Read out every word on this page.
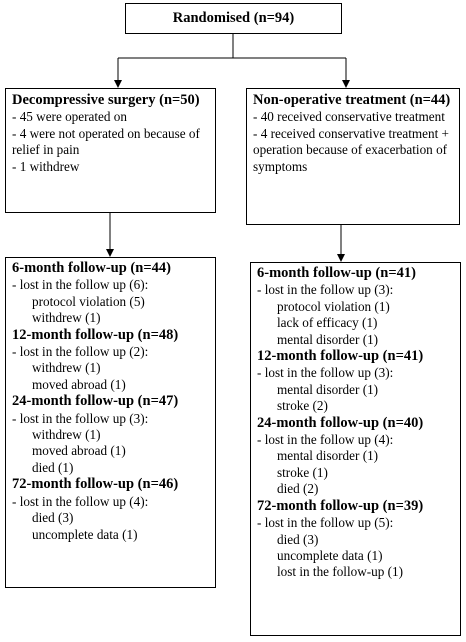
Randomised (n=94)
Decompressive surgery (n=50)
- 45 were operated on
- 4 were not operated on because of relief in pain
- 1 withdrew
Non-operative treatment (n=44)
- 40 received conservative treatment
- 4 received conservative treatment + operation because of exacerbation of symptoms
6-month follow-up (n=44)
- lost in the follow up (6):
protocol violation (5)
withdrew (1)
12-month follow-up (n=48)
- lost in the follow up (2):
withdrew (1)
moved abroad (1)
24-month follow-up (n=47)
- lost in the follow up (3):
withdrew (1)
moved abroad (1)
died (1)
72-month follow-up (n=46)
- lost in the follow up (4):
died (3)
uncomplete data (1)
6-month follow-up (n=41)
- lost in the follow up (3):
protocol violation (1)
lack of efficacy (1)
mental disorder (1)
12-month follow-up (n=41)
- lost in the follow up (3):
mental disorder (1)
stroke (2)
24-month follow-up (n=40)
- lost in the follow up (4):
mental disorder (1)
stroke (1)
died (2)
72-month follow-up (n=39)
- lost in the follow up (5):
died (3)
uncomplete data (1)
lost in the follow-up (1)
